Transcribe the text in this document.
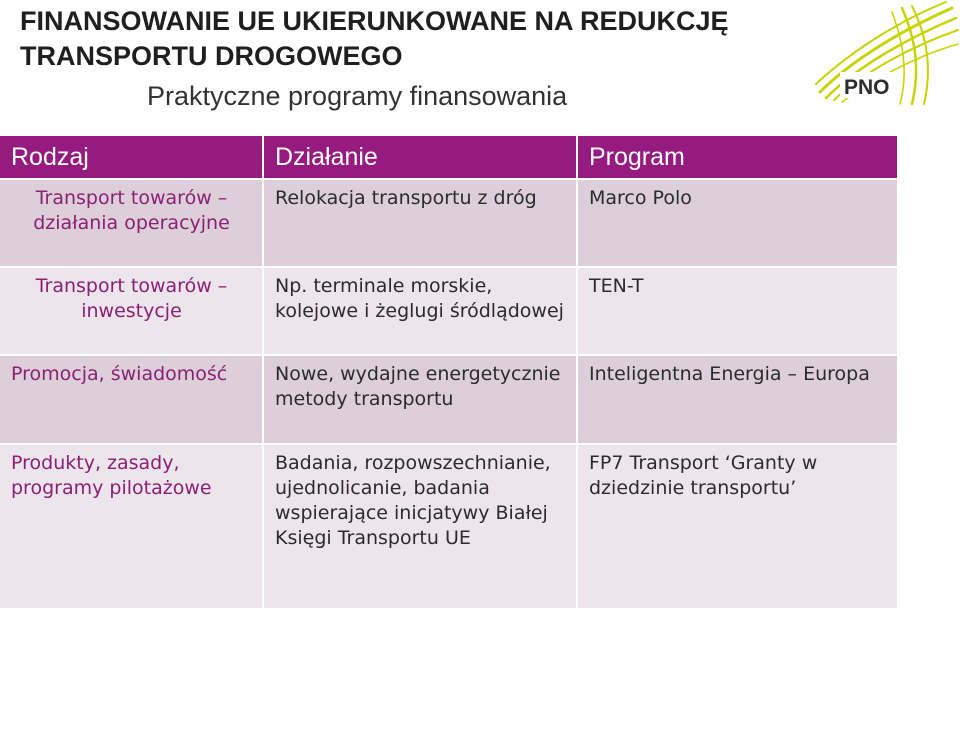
FINANSOWANIE UE UKIERUNKOWANE NA REDUKCJĘ TRANSPORTU DROGOWEGO

Praktyczne programy finansowania	PNO
Rodzaj	Działanie	Program
Transport towarów – działania operacyjne	Relokacja transportu z dróg	Marco Polo
Transport towarów – inwestycje	Np. terminale morskie, kolejowe i żeglugi śródlądowej	TEN-T
Promocja, świadomość	Nowe, wydajne energetycznie metody transportu	Inteligentna Energia – Europa
Produkty, zasady, programy pilotażowe	Badania, rozpowszechnianie, ujednolicanie, badania wspierające inicjatywy Białej Księgi Transportu UE	FP7 Transport ‘Granty w dziedzinie transportu’
